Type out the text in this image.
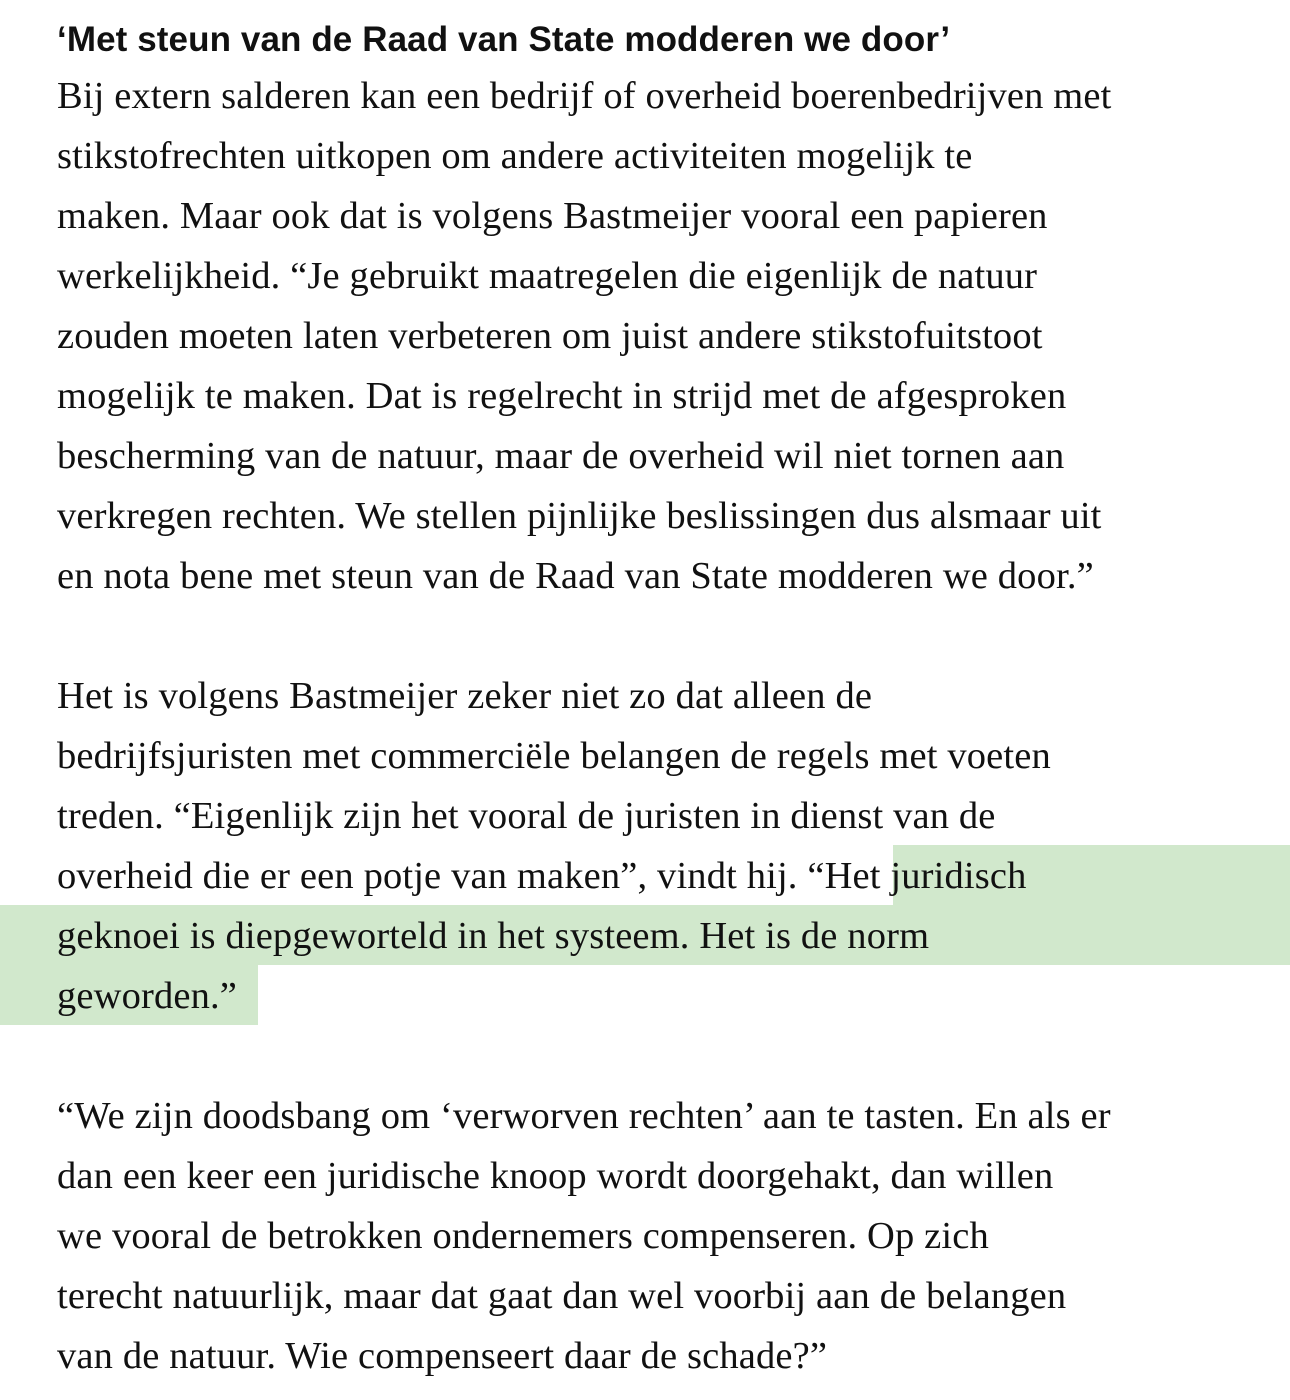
‘Met steun van de Raad van State modderen we door’

Bij extern salderen kan een bedrijf of overheid boerenbedrijven met
stikstofrechten uitkopen om andere activiteiten mogelijk te
maken. Maar ook dat is volgens Bastmeijer vooral een papieren
werkelijkheid. “Je gebruikt maatregelen die eigenlijk de natuur
zouden moeten laten verbeteren om juist andere stikstofuitstoot
mogelijk te maken. Dat is regelrecht in strijd met de afgesproken
bescherming van de natuur, maar de overheid wil niet tornen aan
verkregen rechten. We stellen pijnlijke beslissingen dus alsmaar uit
en nota bene met steun van de Raad van State modderen we door.”

Het is volgens Bastmeijer zeker niet zo dat alleen de
bedrijfsjuristen met commerciële belangen de regels met voeten
treden. “Eigenlijk zijn het vooral de juristen in dienst van de
overheid die er een potje van maken”, vindt hij. “Het juridisch
geknoei is diepgeworteld in het systeem. Het is de norm
geworden.”

“We zijn doodsbang om ‘verworven rechten’ aan te tasten. En als er
dan een keer een juridische knoop wordt doorgehakt, dan willen
we vooral de betrokken ondernemers compenseren. Op zich
terecht natuurlijk, maar dat gaat dan wel voorbij aan de belangen
van de natuur. Wie compenseert daar de schade?”
